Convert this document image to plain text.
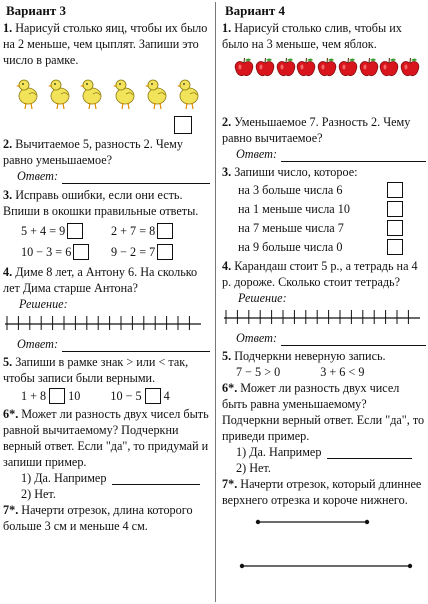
Вариант 3

1. Нарисуй столько яиц, чтобы их было на 2 меньше, чем цыплят. Запиши это число в рамке.

2. Вычитаемое 5, разность 2. Чему равно уменьшаемое?

Ответ:

3. Исправь ошибки, если они есть. Впиши в окошки правильные ответы.

5 + 4 = 9	2 + 7 = 8
10 − 3 = 6	9 − 2 = 7

4. Диме 8 лет, а Антону 6. На сколько лет Дима старше Антона?

Решение:
Ответ:

5. Запиши в рамке знак > или < так, чтобы записи были верными.

1 + 8 10 10 − 5 4

6*. Может ли разность двух чисел быть равной вычитаемому? Подчеркни верный ответ. Если "да", то придумай и запиши пример.

1) Да. Например
2) Нет.

7*. Начерти отрезок, длина которого больше 3 см и меньше 4 см.

Вариант 4

1. Нарисуй столько слив, чтобы их было на 3 меньше, чем яблок.

2. Уменьшаемое 7. Разность 2. Чему равно вычитаемое?

Ответ:

3. Запиши число, которое:

на 3 больше числа 6
на 1 меньше числа 10
на 7 меньше числа 7
на 9 больше числа 0

4. Карандаш стоит 5 р., а тетрадь на 4 р. дороже. Сколько стоит тетрадь?

Решение:
Ответ:

5. Подчеркни неверную запись.

7 − 5 > 0	3 + 6 < 9

6*. Может ли разность двух чисел быть равна уменьшаемому? Подчеркни верный ответ. Если "да", то приведи пример.

1) Да. Например
2) Нет.

7*. Начерти отрезок, который длиннее верхнего отрезка и короче нижнего.
